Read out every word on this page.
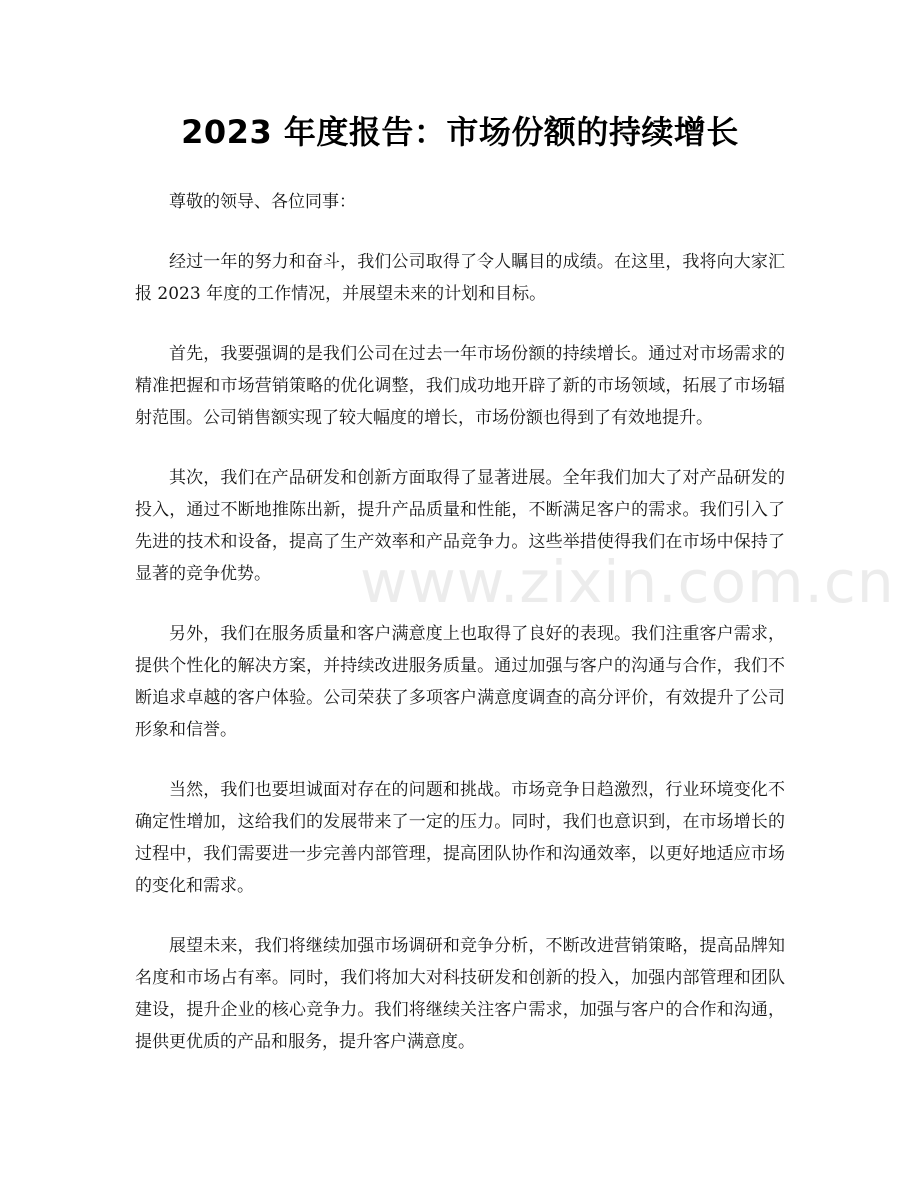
2023 年度报告：市场份额的持续增长

尊敬的领导、各位同事：

经过一年的努力和奋斗，我们公司取得了令人瞩目的成绩。在这里，我将向大家汇报 2023 年度的工作情况，并展望未来的计划和目标。

首先，我要强调的是我们公司在过去一年市场份额的持续增长。通过对市场需求的精准把握和市场营销策略的优化调整，我们成功地开辟了新的市场领域，拓展了市场辐射范围。公司销售额实现了较大幅度的增长，市场份额也得到了有效地提升。

其次，我们在产品研发和创新方面取得了显著进展。全年我们加大了对产品研发的投入，通过不断地推陈出新，提升产品质量和性能，不断满足客户的需求。我们引入了先进的技术和设备，提高了生产效率和产品竞争力。这些举措使得我们在市场中保持了显著的竞争优势。

另外，我们在服务质量和客户满意度上也取得了良好的表现。我们注重客户需求，提供个性化的解决方案，并持续改进服务质量。通过加强与客户的沟通与合作，我们不断追求卓越的客户体验。公司荣获了多项客户满意度调查的高分评价，有效提升了公司形象和信誉。

当然，我们也要坦诚面对存在的问题和挑战。市场竞争日趋激烈，行业环境变化不确定性增加，这给我们的发展带来了一定的压力。同时，我们也意识到，在市场增长的过程中，我们需要进一步完善内部管理，提高团队协作和沟通效率，以更好地适应市场的变化和需求。

展望未来，我们将继续加强市场调研和竞争分析，不断改进营销策略，提高品牌知名度和市场占有率。同时，我们将加大对科技研发和创新的投入，加强内部管理和团队建设，提升企业的核心竞争力。我们将继续关注客户需求，加强与客户的合作和沟通，提供更优质的产品和服务，提升客户满意度。

www.zixin.com.cn
